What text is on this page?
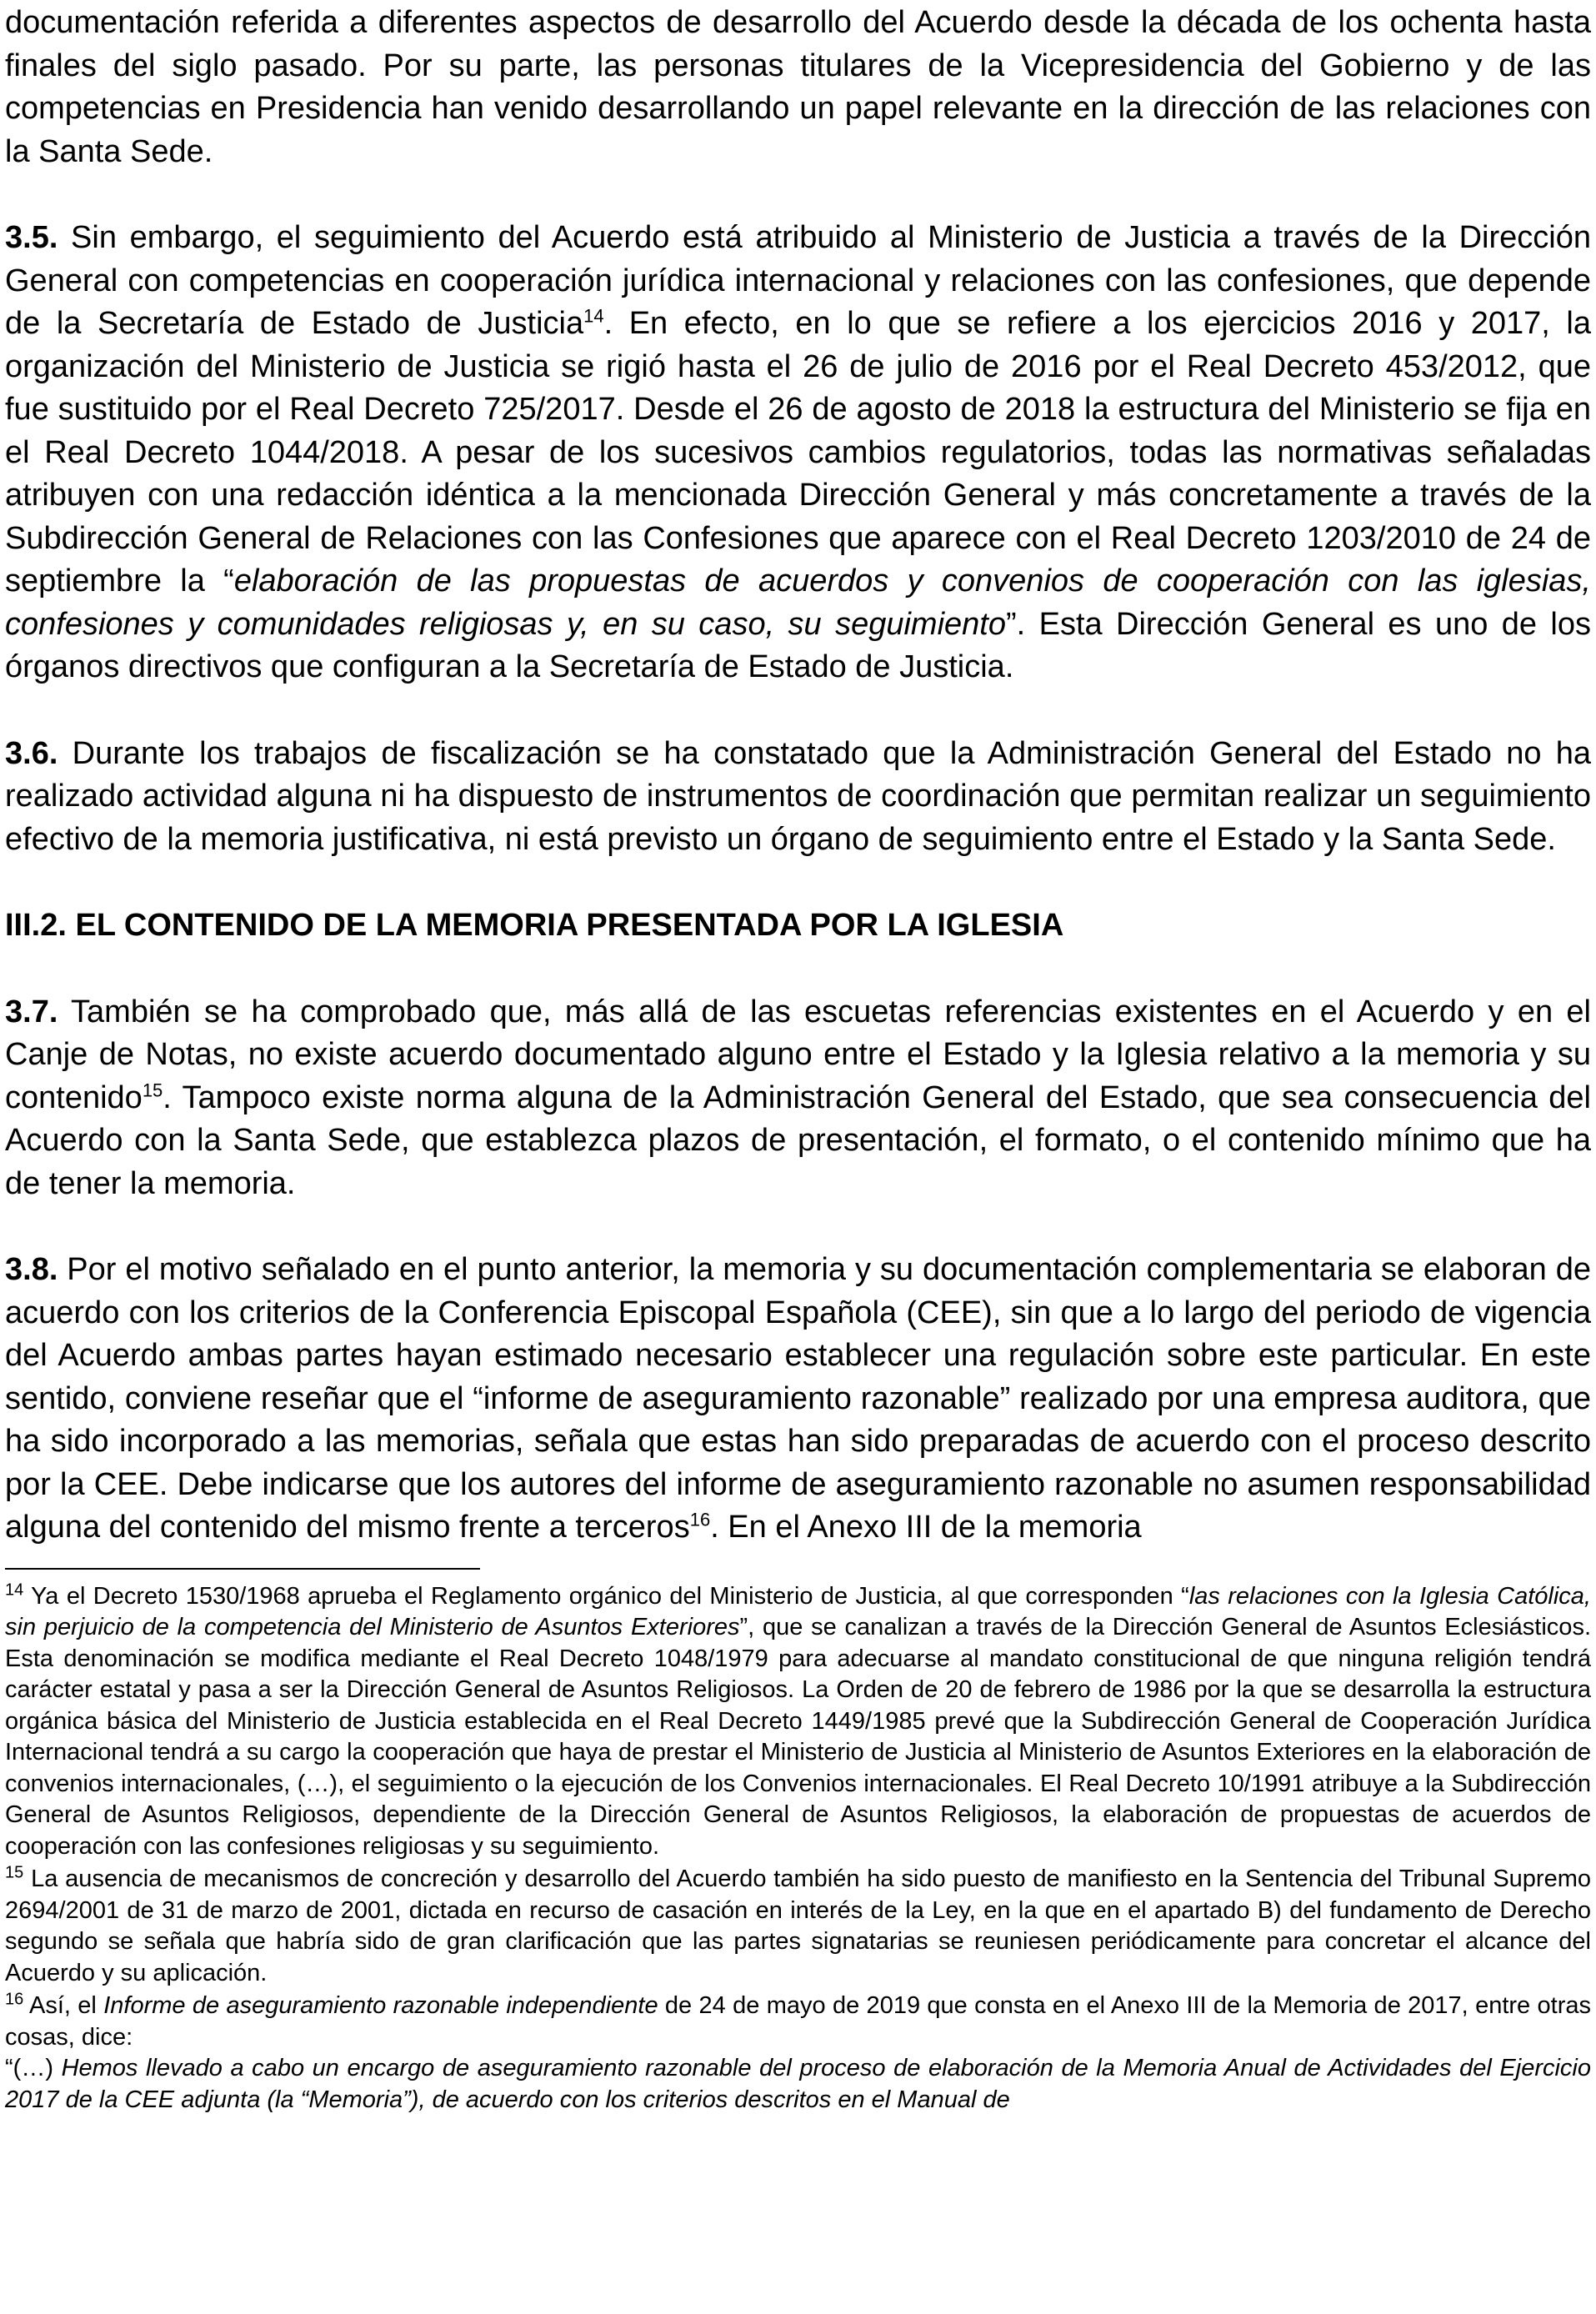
documentación referida a diferentes aspectos de desarrollo del Acuerdo desde la década de los ochenta hasta finales del siglo pasado. Por su parte, las personas titulares de la Vicepresidencia del Gobierno y de las competencias en Presidencia han venido desarrollando un papel relevante en la dirección de las relaciones con la Santa Sede.

3.5. Sin embargo, el seguimiento del Acuerdo está atribuido al Ministerio de Justicia a través de la Dirección General con competencias en cooperación jurídica internacional y relaciones con las confesiones, que depende de la Secretaría de Estado de Justicia$^{14}$. En efecto, en lo que se refiere a los ejercicios 2016 y 2017, la organización del Ministerio de Justicia se rigió hasta el 26 de julio de 2016 por el Real Decreto 453/2012, que fue sustituido por el Real Decreto 725/2017. Desde el 26 de agosto de 2018 la estructura del Ministerio se fija en el Real Decreto 1044/2018. A pesar de los sucesivos cambios regulatorios, todas las normativas señaladas atribuyen con una redacción idéntica a la mencionada Dirección General y más concretamente a través de la Subdirección General de Relaciones con las Confesiones que aparece con el Real Decreto 1203/2010 de 24 de septiembre la “elaboración de las propuestas de acuerdos y convenios de cooperación con las iglesias, confesiones y comunidades religiosas y, en su caso, su seguimiento”. Esta Dirección General es uno de los órganos directivos que configuran a la Secretaría de Estado de Justicia.

3.6. Durante los trabajos de fiscalización se ha constatado que la Administración General del Estado no ha realizado actividad alguna ni ha dispuesto de instrumentos de coordinación que permitan realizar un seguimiento efectivo de la memoria justificativa, ni está previsto un órgano de seguimiento entre el Estado y la Santa Sede.

III.2. EL CONTENIDO DE LA MEMORIA PRESENTADA POR LA IGLESIA

3.7. También se ha comprobado que, más allá de las escuetas referencias existentes en el Acuerdo y en el Canje de Notas, no existe acuerdo documentado alguno entre el Estado y la Iglesia relativo a la memoria y su contenido$^{15}$. Tampoco existe norma alguna de la Administración General del Estado, que sea consecuencia del Acuerdo con la Santa Sede, que establezca plazos de presentación, el formato, o el contenido mínimo que ha de tener la memoria.

3.8. Por el motivo señalado en el punto anterior, la memoria y su documentación complementaria se elaboran de acuerdo con los criterios de la Conferencia Episcopal Española (CEE), sin que a lo largo del periodo de vigencia del Acuerdo ambas partes hayan estimado necesario establecer una regulación sobre este particular. En este sentido, conviene reseñar que el “informe de aseguramiento razonable” realizado por una empresa auditora, que ha sido incorporado a las memorias, señala que estas han sido preparadas de acuerdo con el proceso descrito por la CEE. Debe indicarse que los autores del informe de aseguramiento razonable no asumen responsabilidad alguna del contenido del mismo frente a terceros$^{16}$. En el Anexo III de la memoria

$^{14}$ Ya el Decreto 1530/1968 aprueba el Reglamento orgánico del Ministerio de Justicia, al que corresponden “las relaciones con la Iglesia Católica, sin perjuicio de la competencia del Ministerio de Asuntos Exteriores”, que se canalizan a través de la Dirección General de Asuntos Eclesiásticos. Esta denominación se modifica mediante el Real Decreto 1048/1979 para adecuarse al mandato constitucional de que ninguna religión tendrá carácter estatal y pasa a ser la Dirección General de Asuntos Religiosos. La Orden de 20 de febrero de 1986 por la que se desarrolla la estructura orgánica básica del Ministerio de Justicia establecida en el Real Decreto 1449/1985 prevé que la Subdirección General de Cooperación Jurídica Internacional tendrá a su cargo la cooperación que haya de prestar el Ministerio de Justicia al Ministerio de Asuntos Exteriores en la elaboración de convenios internacionales, (…), el seguimiento o la ejecución de los Convenios internacionales. El Real Decreto 10/1991 atribuye a la Subdirección General de Asuntos Religiosos, dependiente de la Dirección General de Asuntos Religiosos, la elaboración de propuestas de acuerdos de cooperación con las confesiones religiosas y su seguimiento.

$^{15}$ La ausencia de mecanismos de concreción y desarrollo del Acuerdo también ha sido puesto de manifiesto en la Sentencia del Tribunal Supremo 2694/2001 de 31 de marzo de 2001, dictada en recurso de casación en interés de la Ley, en la que en el apartado B) del fundamento de Derecho segundo se señala que habría sido de gran clarificación que las partes signatarias se reuniesen periódicamente para concretar el alcance del Acuerdo y su aplicación.

$^{16}$ Así, el Informe de aseguramiento razonable independiente de 24 de mayo de 2019 que consta en el Anexo III de la Memoria de 2017, entre otras cosas, dice:

“(…) Hemos llevado a cabo un encargo de aseguramiento razonable del proceso de elaboración de la Memoria Anual de Actividades del Ejercicio 2017 de la CEE adjunta (la “Memoria”), de acuerdo con los criterios descritos en el Manual de
